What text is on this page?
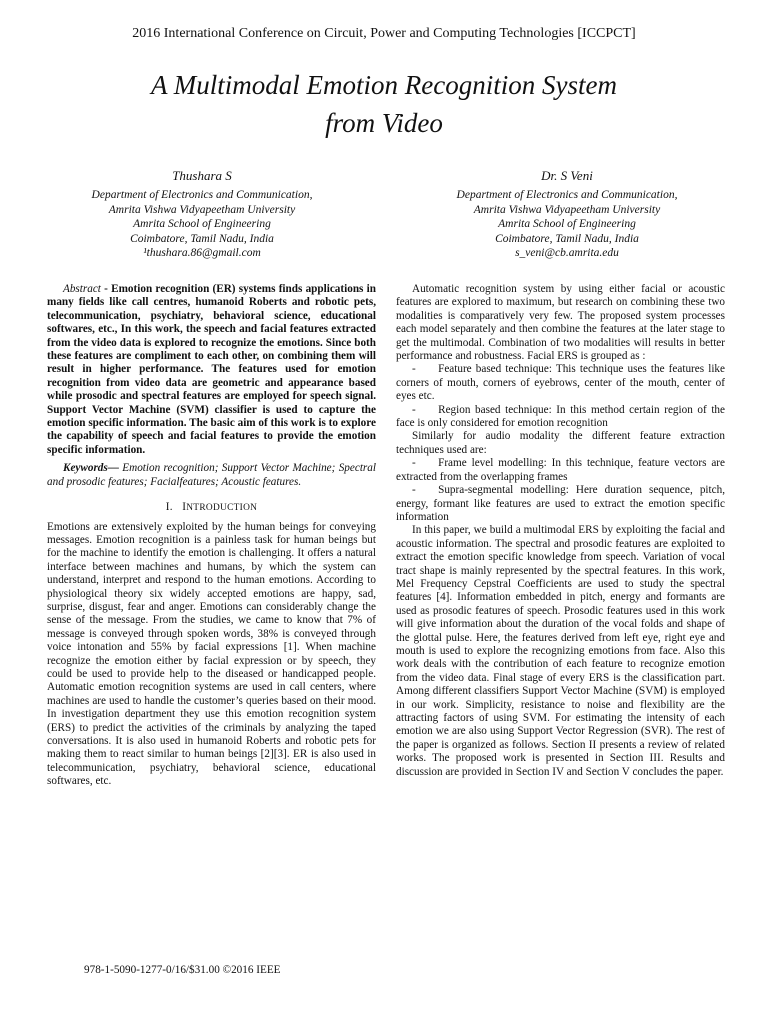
2016 International Conference on Circuit, Power and Computing Technologies [ICCPCT]
A Multimodal Emotion Recognition System
from Video
Thushara S
Department of Electronics and Communication,
Amrita Vishwa Vidyapeetham University
Amrita School of Engineering
Coimbatore, Tamil Nadu, India
¹thushara.86@gmail.com
Dr. S Veni
Department of Electronics and Communication,
Amrita Vishwa Vidyapeetham University
Amrita School of Engineering
Coimbatore, Tamil Nadu, India
s_veni@cb.amrita.edu

Abstract - Emotion recognition (ER) systems finds applications in many fields like call centres, humanoid Roberts and robotic pets, telecommunication, psychiatry, behavioral science, educational softwares, etc., In this work, the speech and facial features extracted from the video data is explored to recognize the emotions. Since both these features are compliment to each other, on combining them will result in higher performance. The features used for emotion recognition from video data are geometric and appearance based while prosodic and spectral features are employed for speech signal. Support Vector Machine (SVM) classifier is used to capture the emotion specific information. The basic aim of this work is to explore the capability of speech and facial features to provide the emotion specific information.

Keywords— Emotion recognition; Support Vector Machine; Spectral and prosodic features; Facialfeatures; Acoustic features.

I. INTRODUCTION

Emotions are extensively exploited by the human beings for conveying messages. Emotion recognition is a painless task for human beings but for the machine to identify the emotion is challenging. It offers a natural interface between machines and humans, by which the system can understand, interpret and respond to the human emotions. According to physiological theory six widely accepted emotions are happy, sad, surprise, disgust, fear and anger. Emotions can considerably change the sense of the message. From the studies, we came to know that 7% of message is conveyed through spoken words, 38% is conveyed through voice intonation and 55% by facial expressions [1]. When machine recognize the emotion either by facial expression or by speech, they could be used to provide help to the diseased or handicapped people. Automatic emotion recognition systems are used in call centers, where machines are used to handle the customer’s queries based on their mood. In investigation department they use this emotion recognition system (ERS) to predict the activities of the criminals by analyzing the taped conversations. It is also used in humanoid Roberts and robotic pets for making them to react similar to human beings [2][3]. ER is also used in telecommunication, psychiatry, behavioral science, educational softwares, etc.

Automatic recognition system by using either facial or acoustic features are explored to maximum, but research on combining these two modalities is comparatively very few. The proposed system processes each model separately and then combine the features at the later stage to get the multimodal. Combination of two modalities will results in better performance and robustness. Facial ERS is grouped as :

-  Feature based technique: This technique uses the features like corners of mouth, corners of eyebrows, center of the mouth, center of eyes etc.

-  Region based technique: In this method certain region of the face is only considered for emotion recognition

Similarly for audio modality the different feature extraction techniques used are:

-  Frame level modelling: In this technique, feature vectors are extracted from the overlapping frames

-  Supra-segmental modelling: Here duration sequence, pitch, energy, formant like features are used to extract the emotion specific information

In this paper, we build a multimodal ERS by exploiting the facial and acoustic information. The spectral and prosodic features are exploited to extract the emotion specific knowledge from speech. Variation of vocal tract shape is mainly represented by the spectral features. In this work, Mel Frequency Cepstral Coefficients are used to study the spectral features [4]. Information embedded in pitch, energy and formants are used as prosodic features of speech. Prosodic features used in this work will give information about the duration of the vocal folds and shape of the glottal pulse. Here, the features derived from left eye, right eye and mouth is used to explore the recognizing emotions from face. Also this work deals with the contribution of each feature to recognize emotion from the video data. Final stage of every ERS is the classification part. Among different classifiers Support Vector Machine (SVM) is employed in our work. Simplicity, resistance to noise and flexibility are the attracting factors of using SVM. For estimating the intensity of each emotion we are also using Support Vector Regression (SVR). The rest of the paper is organized as follows. Section II presents a review of related works. The proposed work is presented in Section III. Results and discussion are provided in Section IV and Section V concludes the paper.

978-1-5090-1277-0/16/$31.00 ©2016 IEEE
